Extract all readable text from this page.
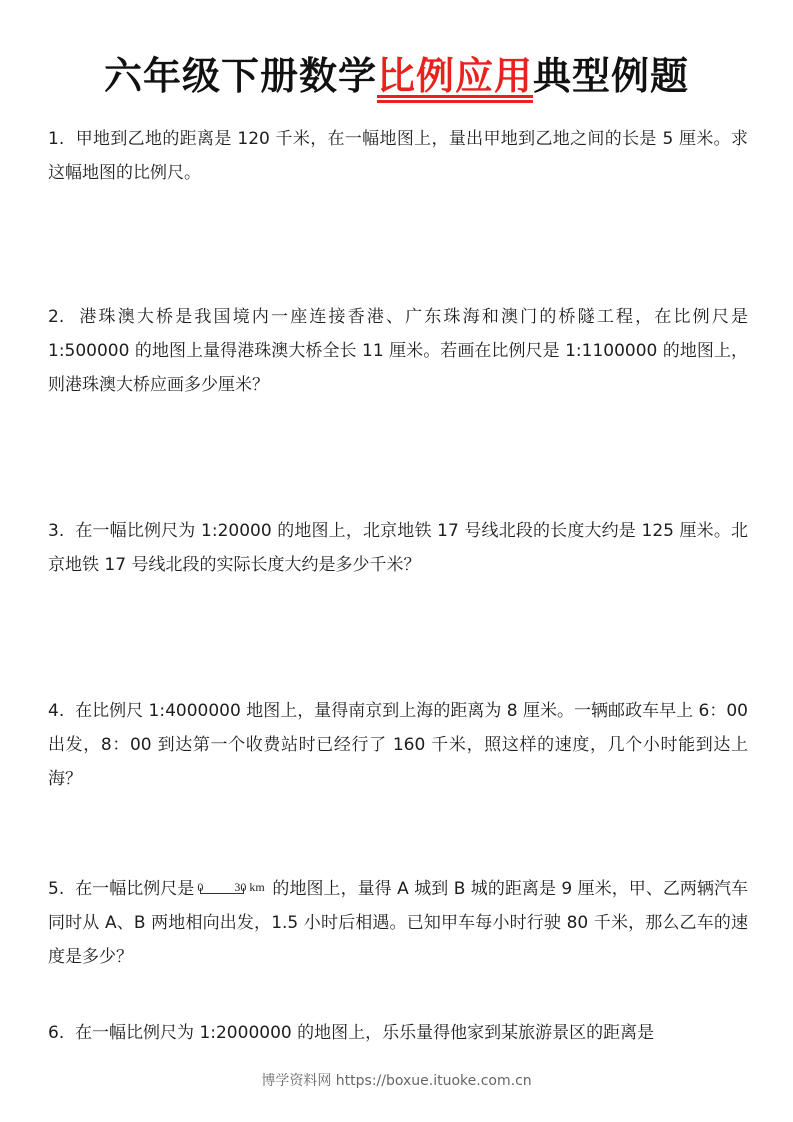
六年级下册数学比例应用典型例题
1. 甲地到乙地的距离是 120 千米，在一幅地图上，量出甲地到乙地之间的长是 5 厘米。求这幅地图的比例尺。
2. 港珠澳大桥是我国境内一座连接香港、广东珠海和澳门的桥隧工程，在比例尺是 1:500000 的地图上量得港珠澳大桥全长 11 厘米。若画在比例尺是 1:1100000 的地图上，则港珠澳大桥应画多少厘米？
3. 在一幅比例尺为 1:20000 的地图上，北京地铁 17 号线北段的长度大约是 125 厘米。北京地铁 17 号线北段的实际长度大约是多少千米？
4. 在比例尺 1:4000000 地图上，量得南京到上海的距离为 8 厘米。一辆邮政车早上 6：00 出发，8：00 到达第一个收费站时已经行了 160 千米，照这样的速度，几个小时能到达上海？
5. 在一幅比例尺是 0	30 km 的地图上，量得 A 城到 B 城的距离是 9 厘米，甲、乙两辆汽车同时从 A、B 两地相向出发，1.5 小时后相遇。已知甲车每小时行驶 80 千米，那么乙车的速度是多少？
6. 在一幅比例尺为 1:2000000 的地图上，乐乐量得他家到某旅游景区的距离是
博学资料网 https://boxue.ituoke.com.cn
